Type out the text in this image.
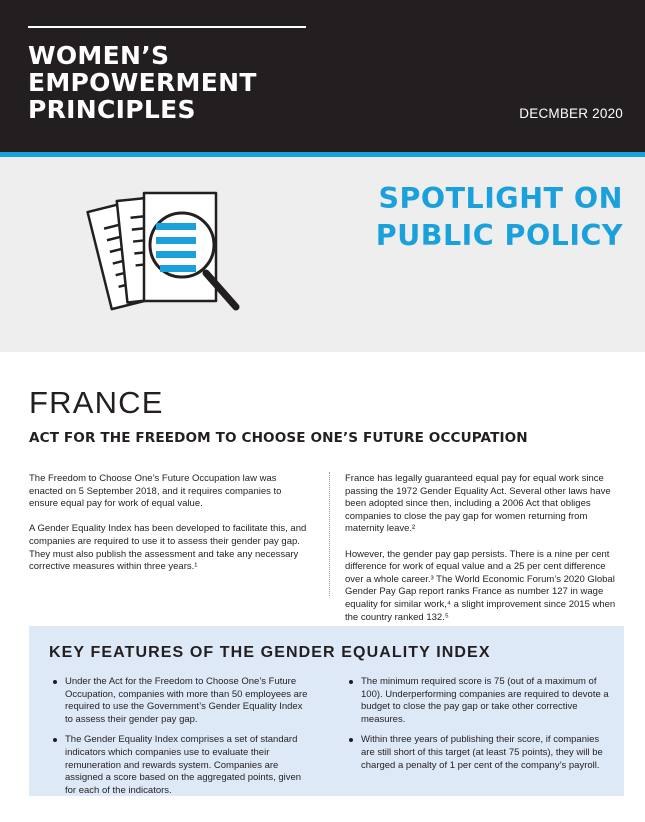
WOMEN’S
EMPOWERMENT
PRINCIPLES	DECMBER 2020
SPOTLIGHT ON
PUBLIC POLICY
FRANCE
ACT FOR THE FREEDOM TO CHOOSE ONE’S FUTURE OCCUPATION

The Freedom to Choose One’s Future Occupation law was enacted on 5 September 2018, and it requires companies to ensure equal pay for work of equal value.

A Gender Equality Index has been developed to facilitate this, and companies are required to use it to assess their gender pay gap. They must also publish the assessment and take any necessary corrective measures within three years.¹

France has legally guaranteed equal pay for equal work since passing the 1972 Gender Equality Act. Several other laws have been adopted since then, including a 2006 Act that obliges companies to close the pay gap for women returning from maternity leave.²

However, the gender pay gap persists. There is a nine per cent difference for work of equal value and a 25 per cent difference over a whole career.³ The World Economic Forum’s 2020 Global Gender Pay Gap report ranks France as number 127 in wage equality for similar work,⁴ a slight improvement since 2015 when the country ranked 132.⁵

KEY FEATURES OF THE GENDER EQUALITY INDEX
Under the Act for the Freedom to Choose One’s Future Occupation, companies with more than 50 employees are required to use the Government’s Gender Equality Index to assess their gender pay gap.
The Gender Equality Index comprises a set of standard indicators which companies use to evaluate their remuneration and rewards system. Companies are assigned a score based on the aggregated points, given for each of the indicators.
The minimum required score is 75 (out of a maximum of 100). Underperforming companies are required to devote a budget to close the pay gap or take other corrective measures.
Within three years of publishing their score, if companies are still short of this target (at least 75 points), they will be charged a penalty of 1 per cent of the company’s payroll.
